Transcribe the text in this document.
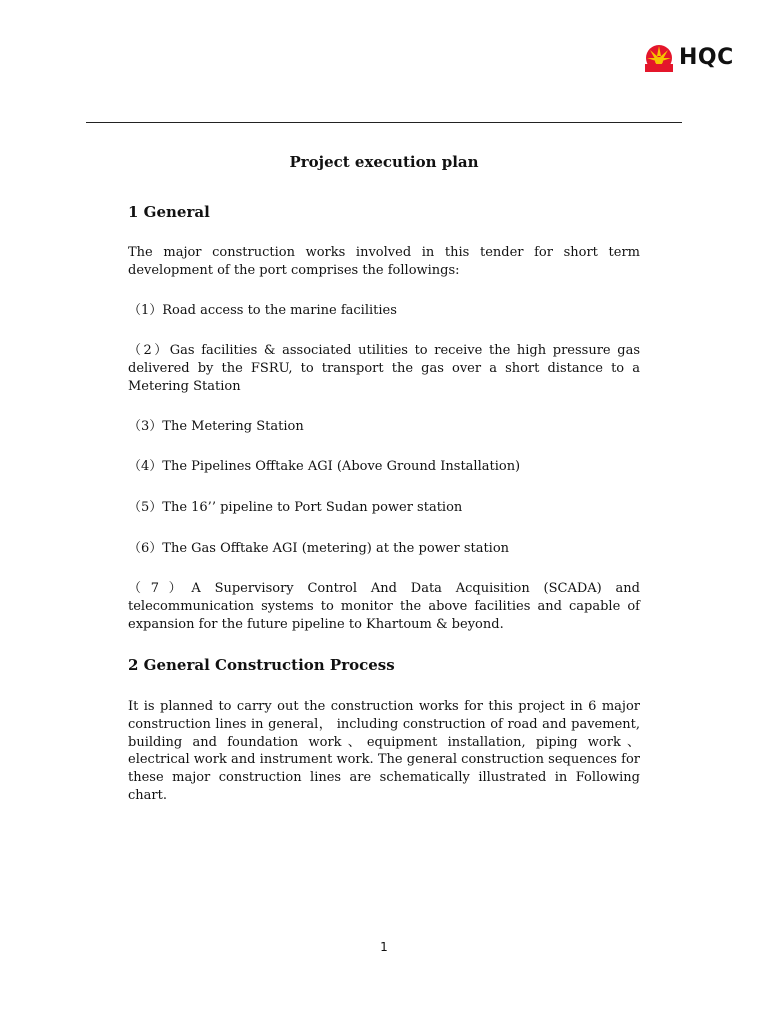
HQC
Project execution plan
1 General
The major construction works involved in this tender for short term development of the port comprises the followings:
（1）Road access to the marine facilities
（2）Gas facilities & associated utilities to receive the high pressure gas delivered by the FSRU, to transport the gas over a short distance to a Metering Station
（3）The Metering Station
（4）The Pipelines Offtake AGI (Above Ground Installation)
（5）The 16’’ pipeline to Port Sudan power station
（6）The Gas Offtake AGI (metering) at the power station
（7）A Supervisory Control And Data Acquisition (SCADA) and telecommunication systems to monitor the above facilities and capable of expansion for the future pipeline to Khartoum & beyond.
2 General Construction Process
It is planned to carry out the construction works for this project in 6 major construction lines in general， including construction of road and pavement, building and foundation work、equipment installation, piping work、electrical work and instrument work. The general construction sequences for these major construction lines are schematically illustrated in Following chart.
1
